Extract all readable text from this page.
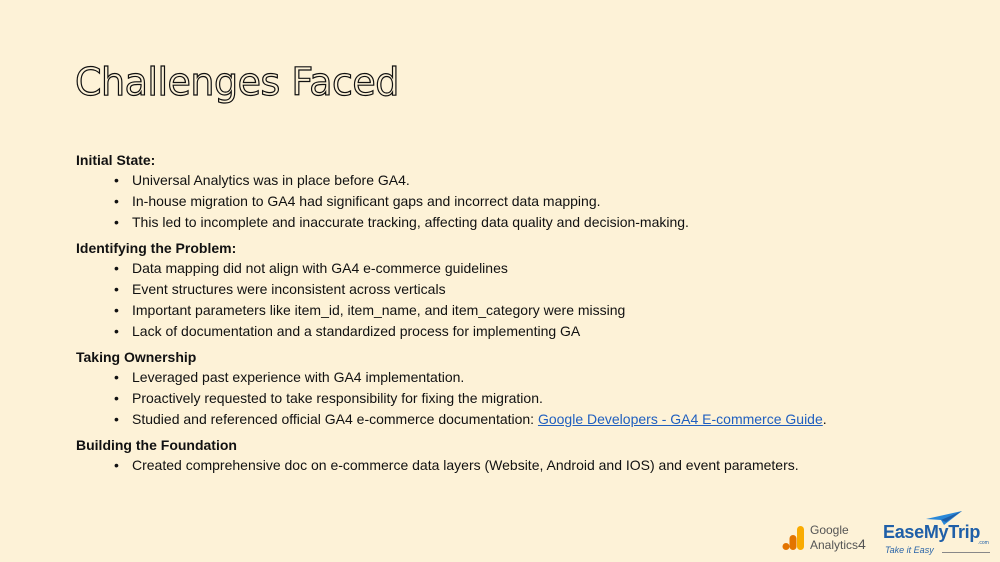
Challenges Faced
Initial State:
• Universal Analytics was in place before GA4.
• In-house migration to GA4 had significant gaps and incorrect data mapping.
• This led to incomplete and inaccurate tracking, affecting data quality and decision-making.
Identifying the Problem:
• Data mapping did not align with GA4 e-commerce guidelines
• Event structures were inconsistent across verticals
• Important parameters like item_id, item_name, and item_category were missing
• Lack of documentation and a standardized process for implementing GA
Taking Ownership
• Leveraged past experience with GA4 implementation.
• Proactively requested to take responsibility for fixing the migration.
• Studied and referenced official GA4 e-commerce documentation: Google Developers - GA4 E-commerce Guide.
Building the Foundation
• Created comprehensive doc on e-commerce data layers (Website, Android and IOS) and event parameters.
Google
Analytics4
EaseMyTrip
.com
Take it Easy
